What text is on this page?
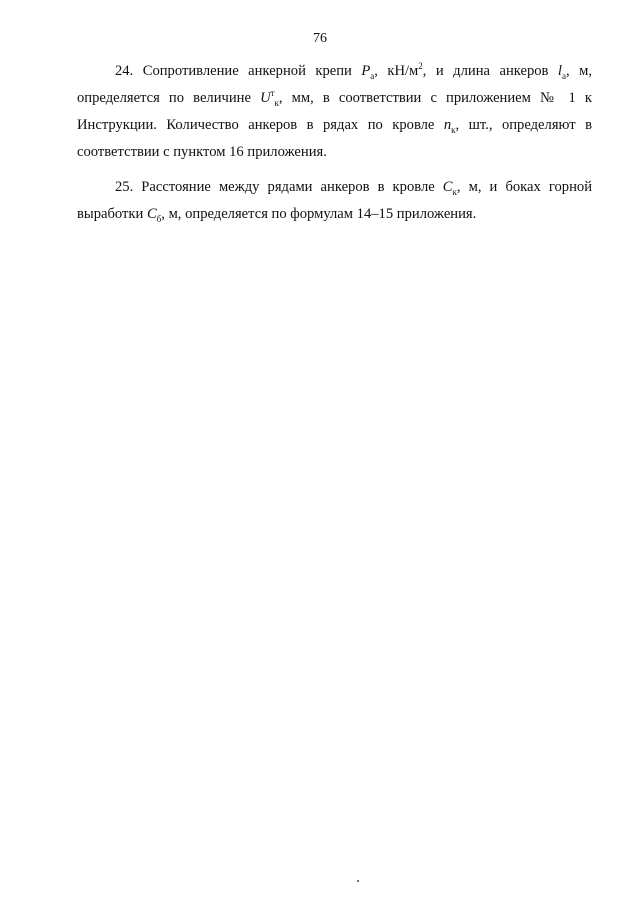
76

24. Сопротивление анкерной крепи $P_a$, $кН/м^2$, и длина анкеров $l_a$, м, определяется по величине $U^т_к$, мм, в соответствии с приложением № 1 к Инструкции. Количество анкеров в рядах по кровле $n_к$, шт., определяют в соответствии с пунктом 16 приложения.

25. Расстояние между рядами анкеров в кровле $C_к$, м, и боках горной выработки $C_б$, м, определяется по формулам 14–15 приложения.
